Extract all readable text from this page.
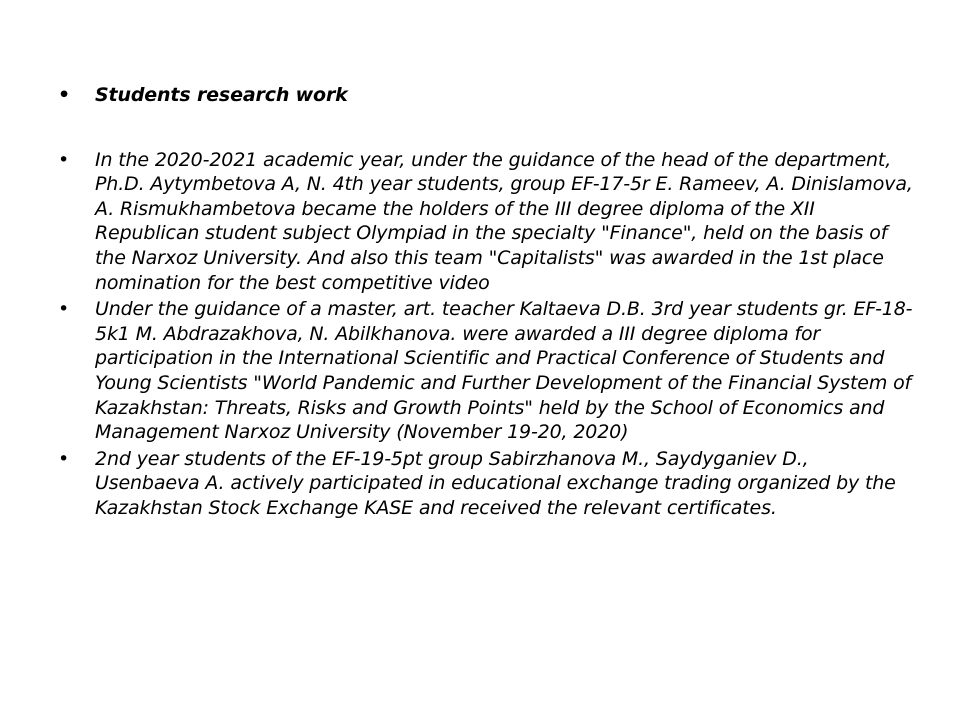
• Students research work
• In the 2020-2021 academic year, under the guidance of the head of the department, Ph.D. Aytymbetova A, N. 4th year students, group EF-17-5r E. Rameev, A. Dinislamova, A. Rismukhambetova became the holders of the III degree diploma of the XII Republican student subject Olympiad in the specialty "Finance", held on the basis of the Narxoz University. And also this team "Capitalists" was awarded in the 1st place nomination for the best competitive video
• Under the guidance of a master, art. teacher Kaltaeva D.B. 3rd year students gr. EF-18-5k1 M. Abdrazakhova, N. Abilkhanova. were awarded a III degree diploma for participation in the International Scientific and Practical Conference of Students and Young Scientists "World Pandemic and Further Development of the Financial System of Kazakhstan: Threats, Risks and Growth Points" held by the School of Economics and Management Narxoz University (November 19-20, 2020)
• 2nd year students of the EF-19-5pt group Sabirzhanova M., Saydyganiev D., Usenbaeva A. actively participated in educational exchange trading organized by the Kazakhstan Stock Exchange KASE and received the relevant certificates.
